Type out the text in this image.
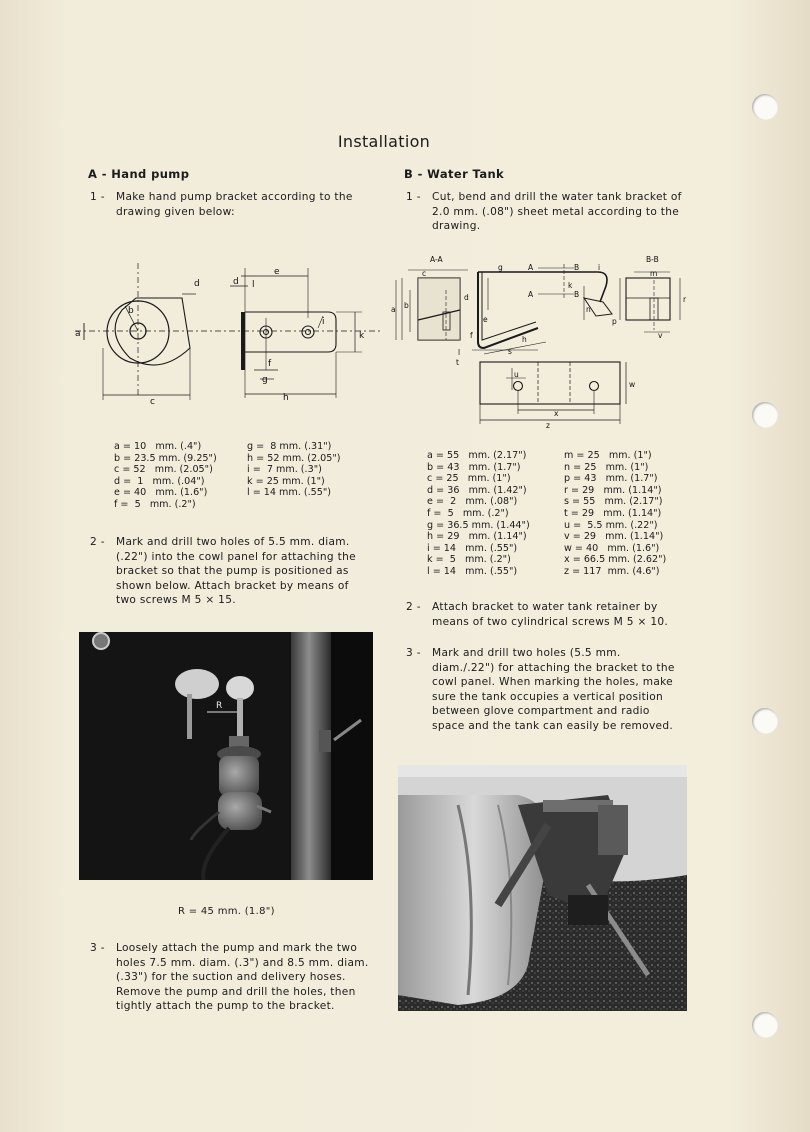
Installation
A - Hand pump
1 -	Make hand pump bracket according to the drawing given below:
b
c
d
a
d
e
l
i
k
f
g
h
a = 10   mm. (.4")
b = 23.5 mm. (9.25")
c = 52   mm. (2.05")
d =  1   mm. (.04")
e = 40   mm. (1.6")
f =  5   mm. (.2")
g =  8 mm. (.31")
h = 52 mm. (2.05")
i =  7 mm. (.3")
k = 25 mm. (1")
l = 14 mm. (.55")
2 -	Mark and drill two holes of 5.5 mm. diam. (.22") into the cowl panel for attaching the bracket so that the pump is positioned as shown below. Attach bracket by means of two screws M 5 × 15.
R
R = 45 mm. (1.8")
3 -	Loosely attach the pump and mark the two holes 7.5 mm. diam. (.3") and 8.5 mm. diam. (.33") for the suction and delivery hoses. Remove the pump and drill the holes, then tightly attach the pump to the bracket.
B - Water Tank
1 -	Cut, bend and drill the water tank bracket of 2.0 mm. (.08") sheet metal according to the drawing.
A-A	B-B
A
A
B
B
a b
c
d
e
f
g
h
i
k
l
m
n
p
r
s
t
u
v
w
x
z
a = 55   mm. (2.17")
b = 43   mm. (1.7")
c = 25   mm. (1")
d = 36   mm. (1.42")
e =  2   mm. (.08")
f =  5   mm. (.2")
g = 36.5 mm. (1.44")
h = 29   mm. (1.14")
i = 14   mm. (.55")
k =  5   mm. (.2")
l = 14   mm. (.55")
m = 25   mm. (1")
n = 25   mm. (1")
p = 43   mm. (1.7")
r = 29   mm. (1.14")
s = 55   mm. (2.17")
t = 29   mm. (1.14")
u =  5.5 mm. (.22")
v = 29   mm. (1.14")
w = 40   mm. (1.6")
x = 66.5 mm. (2.62")
z = 117  mm. (4.6")
2 -	Attach bracket to water tank retainer by means of two cylindrical screws M 5 × 10.
3 -	Mark and drill two holes (5.5 mm. diam./.22") for attaching the bracket to the cowl panel. When marking the holes, make sure the tank occupies a vertical position between glove compartment and radio space and the tank can easily be removed.
